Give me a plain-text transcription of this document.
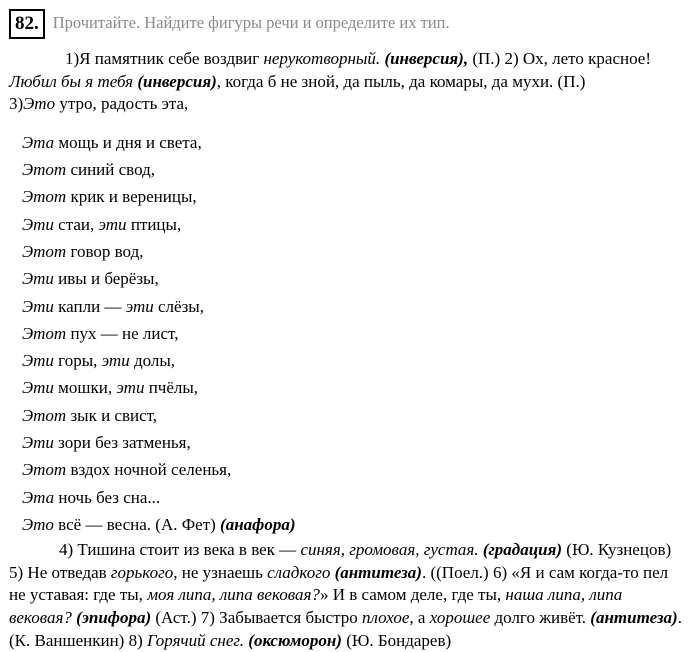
82. Прочитайте. Найдите фигуры речи и определите их тип.

1)Я памятник себе воздвиг нерукотворный. (инверсия), (П.) 2) Ох, лето красное! Любил бы я тебя (инверсия), когда б не зной, да пыль, да комары, да мухи. (П.)

3)Это утро, радость эта,
Эта мощь и дня и света,
Этот синий свод,
Этот крик и вереницы,
Эти стаи, эти птицы,
Этот говор вод,
Эти ивы и берёзы,
Эти капли — эти слёзы,
Этот пух — не лист,
Эти горы, эти долы,
Эти мошки, эти пчёлы,
Этот зык и свист,
Эти зори без затменья,
Этот вздох ночной селенья,
Эта ночь без сна...
Это всё — весна. (А. Фет) (анафора)

4) Тишина стоит из века в век — синяя, громовая, густая. (градация) (Ю. Кузнецов) 5) Не отведав горького, не узнаешь сладкого (антитеза). ((Поел.) 6) «Я и сам когда-то пел не уставая: где ты, моя липа, липа вековая?» И в самом деле, где ты, наша липа, липа вековая? (эпифора) (Аст.) 7) Забывается быстро плохое, а хорошее долго живёт. (антитеза). (К. Ваншенкин) 8) Горячий снег. (оксюморон) (Ю. Бондарев)
